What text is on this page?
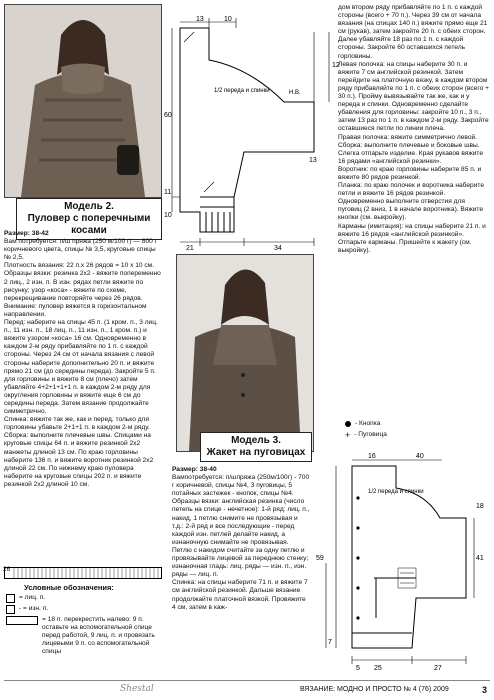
Модель 2.
Пуловер с поперечными косами

Размер: 38-42

Вам потребуется: п/ш пряжа (250 м/100 г) — 800 г коричневого цвета, спицы № 3,5, круговые спицы № 2,5.

Плотность вязания: 22 п.х 26 рядов = 10 х 10 см.

Образцы вязки: резинка 2х2 - вяжите попеременно 2 лиц., 2 изн. п. В изн. рядах петли вяжите по рисунку; узор «коса» - вяжите по схеме, перекрещивание повторяйте через 26 рядов.

Внимание: пуловер вяжется в горизонтальном направлении.

Перед: наберите на спицы 45 п. (1 кром. п., 3 лиц. п., 11 изн. п., 18 лиц. п., 11 изн. п., 1 кром. п.) и вяжите узором «коса» 16 см. Одновременно в каждом 2-м ряду прибавляйте по 1 п. с каждой стороны. Через 24 см от начала вязания с левой стороны наберите дополнительно 20 п. и вяжите прямо 21 см (до середины переда). Закройте 5 п. для горловины и вяжите 8 см (плечо) затем убавляйте 4+2+1+1+1 п. в каждом 2-м ряду для округления горловины и вяжите еще 6 см до середины переда. Затем вязание продолжайте симметрично.

Спинка: вяжите так же, как и перед, только для горловины убавьте 2+1+1 п. в каждом 2-м ряду.

Сборка: выполните плечевые швы. Спицами на круговые спицы 64 п. и вяжите резинкой 2х2 манжеты длиной 13 см. По краю горловины наберите 136 п. и вяжите воротник резинкой 2х2 длиной 22 см. По нижнему краю пуловера наберите на круговые спицы 202 п. и вяжите резинкой 2х2 длиной 10 см.

26
Условные обозначения:
= лиц. п.
- = изн. п.
= 18 п. перекрестить налево: 9 п. оставьте на вспомогательной спице перед работой, 9 лиц. п. и провязать лицевыми 9 п. со вспомогательной спицы
13	10
12
60
11
10
21	34
13
1/2 переда и спинки	Н.В.
Модель 3.
Жакет на пуговицах

Размер: 38-40

Вампотребуется: п/шпряжа (250м/100г) - 700 г коричневой, спицы №4, 3 пуговицы, 5 потайных застежек - кнопок, спицы №4.

Образцы вязки: английская резинка (число петель на спице - нечетное): 1-й ряд: лиц. п., накид, 1 петлю снимите не провязывая и т.д.: 2-й ряд и все последующие - перед каждой изн. петлей делайте накид, а изнаночную снимайте не провязывая. Петлю с накидом считайте за одну петлю и провязывайте лицевой за переднюю стенку; изнаночная гладь: лиц. ряды — изн. п., изн. ряды — лиц. п.

Спинка: на спицы наберите 71 п. и вяжите 7 см английской резинкой. Дальше вязание продолжайте платочной вязкой. Провяжите 4 см, затем в каж-

дом втором ряду прибавляйте по 1 п. с каждой стороны (всего + 70 п.). Через 39 см от начала вязания (на спицах 140 п.) вяжите прямо еще 21 см (рукав), затем закройте 20 п. с обеих сторон. Далее убавляйте 18 раз по 1 п. с каждой стороны. Закройте 60 оставшихся петель горловины.

Левая полочка: на спицы наберите 30 п. и вяжите 7 см английской резинкой. Затем перейдите на платочную вязку, в каждом втором ряду прибавляйте по 1 п. с обеих сторон (всего + 30 п.). Пройму вывязывайте так же, как и у переда и спинки. Одновременно сделайте убавления для горловины: закройте 10 п., 3 п., затем 13 раз по 1 п. в каждом 2-м ряду. Закройте оставшиеся петли по линии плеча.

Правая полочка: вяжите симметрично левой.

Сборка: выполните плечевые и боковые швы. Слегка отпарьте изделие. Края рукавов вяжите 16 рядами «английской резинки».

Воротник: по краю горловины наберите 85 п. и вяжите 80 рядов резинкой.

Планка: по краю полочек и воротника наберите петли и вяжите 16 рядов резинкой. Одновременно выполните отверстия для пуговиц (2 вниз, 1 в начале воротника). Вяжите кнопки (см. выкройку).

Карманы (имитация): на спицы наберите 21 п. и вяжите 16 рядов «английской резинкой». Отпарьте карманы. Пришейте к жакету (см. выкройку).

- Кнопка
+ - Пуговица
16	40
18
41
59
7
5 25	27
1/2 переда и спинки
Shestal	ВЯЗАНИЕ: МОДНО И ПРОСТО № 4 (76) 2009	3
